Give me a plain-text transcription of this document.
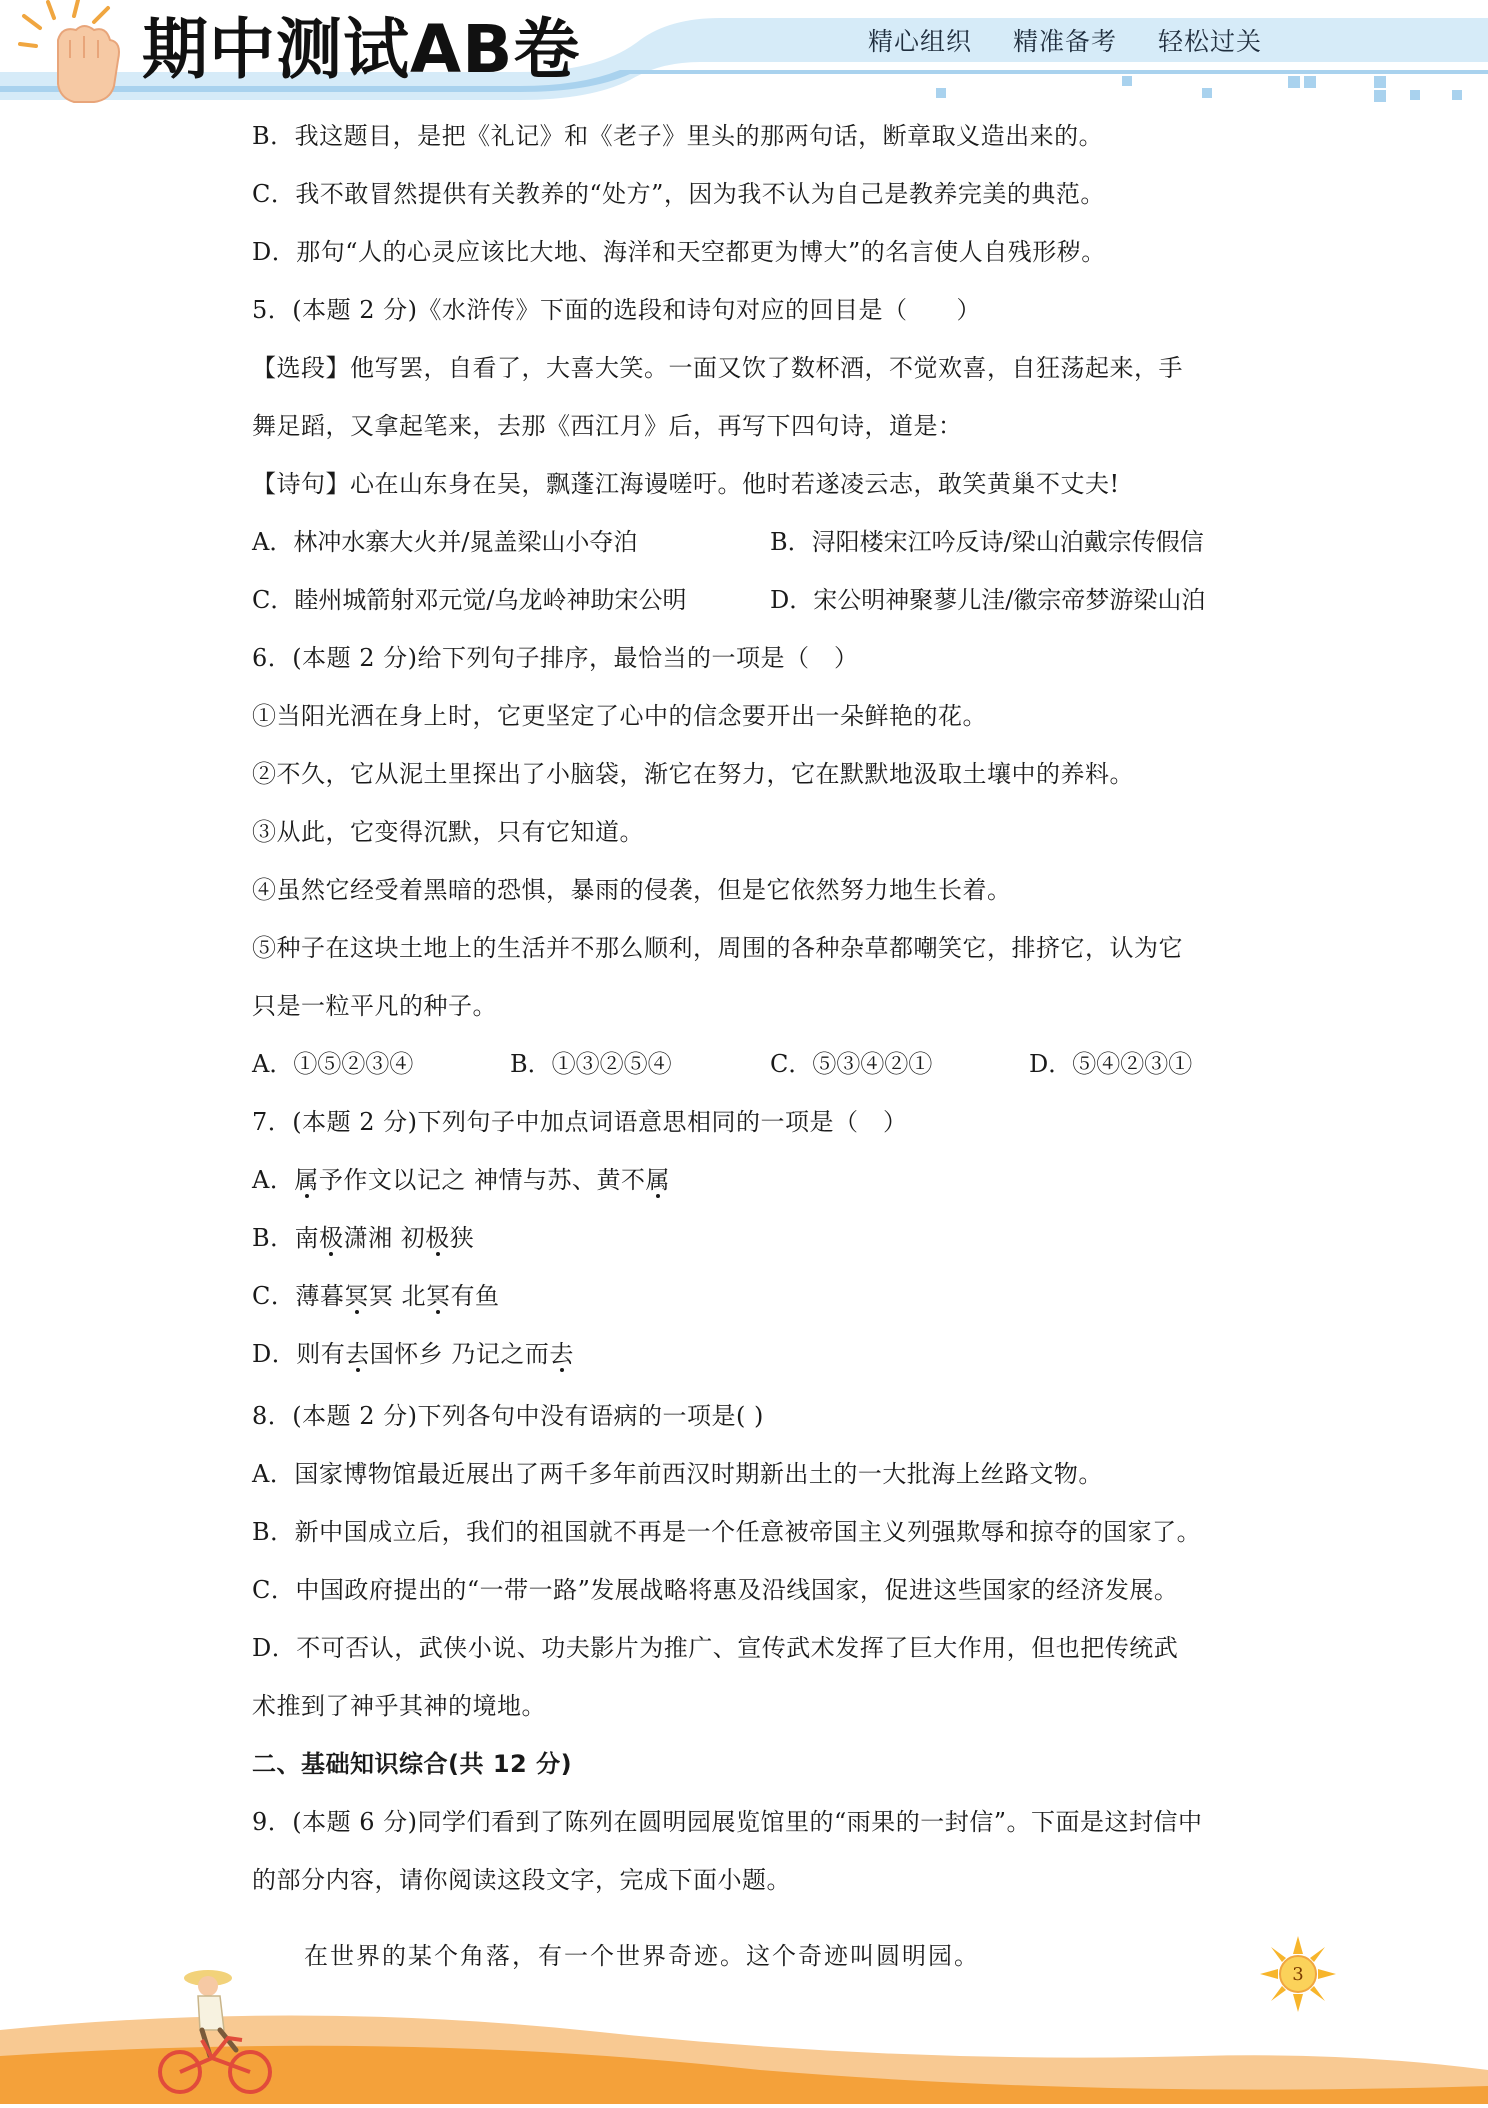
期中测试AB卷	精心组织 精准备考 轻松过关
B．我这题目，是把《礼记》和《老子》里头的那两句话，断章取义造出来的。
C．我不敢冒然提供有关教养的“处方”，因为我不认为自己是教养完美的典范。
D．那句“人的心灵应该比大地、海洋和天空都更为博大”的名言使人自残形秽。
5．(本题 2 分)《水浒传》下面的选段和诗句对应的回目是（　　）
【选段】他写罢，自看了，大喜大笑。一面又饮了数杯酒，不觉欢喜，自狂荡起来，手
舞足蹈，又拿起笔来，去那《西江月》后，再写下四句诗，道是：
【诗句】心在山东身在吴，飘蓬江海谩嗟吁。他时若遂凌云志，敢笑黄巢不丈夫!
A．林冲水寨大火并/晁盖梁山小夺泊	B．浔阳楼宋江吟反诗/梁山泊戴宗传假信
C．睦州城箭射邓元觉/乌龙岭神助宋公明	D．宋公明神聚蓼儿洼/徽宗帝梦游梁山泊
6．(本题 2 分)给下列句子排序，最恰当的一项是（　）
①当阳光洒在身上时，它更坚定了心中的信念要开出一朵鲜艳的花。
②不久，它从泥土里探出了小脑袋，渐它在努力，它在默默地汲取土壤中的养料。
③从此，它变得沉默，只有它知道。
④虽然它经受着黑暗的恐惧，暴雨的侵袭，但是它依然努力地生长着。
⑤种子在这块土地上的生活并不那么顺利，周围的各种杂草都嘲笑它，排挤它，认为它
只是一粒平凡的种子。
A．①⑤②③④	B．①③②⑤④	C．⑤③④②①	D．⑤④②③①
7．(本题 2 分)下列句子中加点词语意思相同的一项是（　）
A．属予作文以记之 神情与苏、黄不属
B．南极潇湘 初极狭
C．薄暮冥冥 北冥有鱼
D．则有去国怀乡 乃记之而去
8．(本题 2 分)下列各句中没有语病的一项是( )
A．国家博物馆最近展出了两千多年前西汉时期新出土的一大批海上丝路文物。
B．新中国成立后，我们的祖国就不再是一个任意被帝国主义列强欺辱和掠夺的国家了。
C．中国政府提出的“一带一路”发展战略将惠及沿线国家，促进这些国家的经济发展。
D．不可否认，武侠小说、功夫影片为推广、宣传武术发挥了巨大作用，但也把传统武
术推到了神乎其神的境地。
二、基础知识综合(共 12 分)
9．(本题 6 分)同学们看到了陈列在圆明园展览馆里的“雨果的一封信”。下面是这封信中
的部分内容，请你阅读这段文字，完成下面小题。
在世界的某个角落，有一个世界奇迹。这个奇迹叫圆明园。
3
